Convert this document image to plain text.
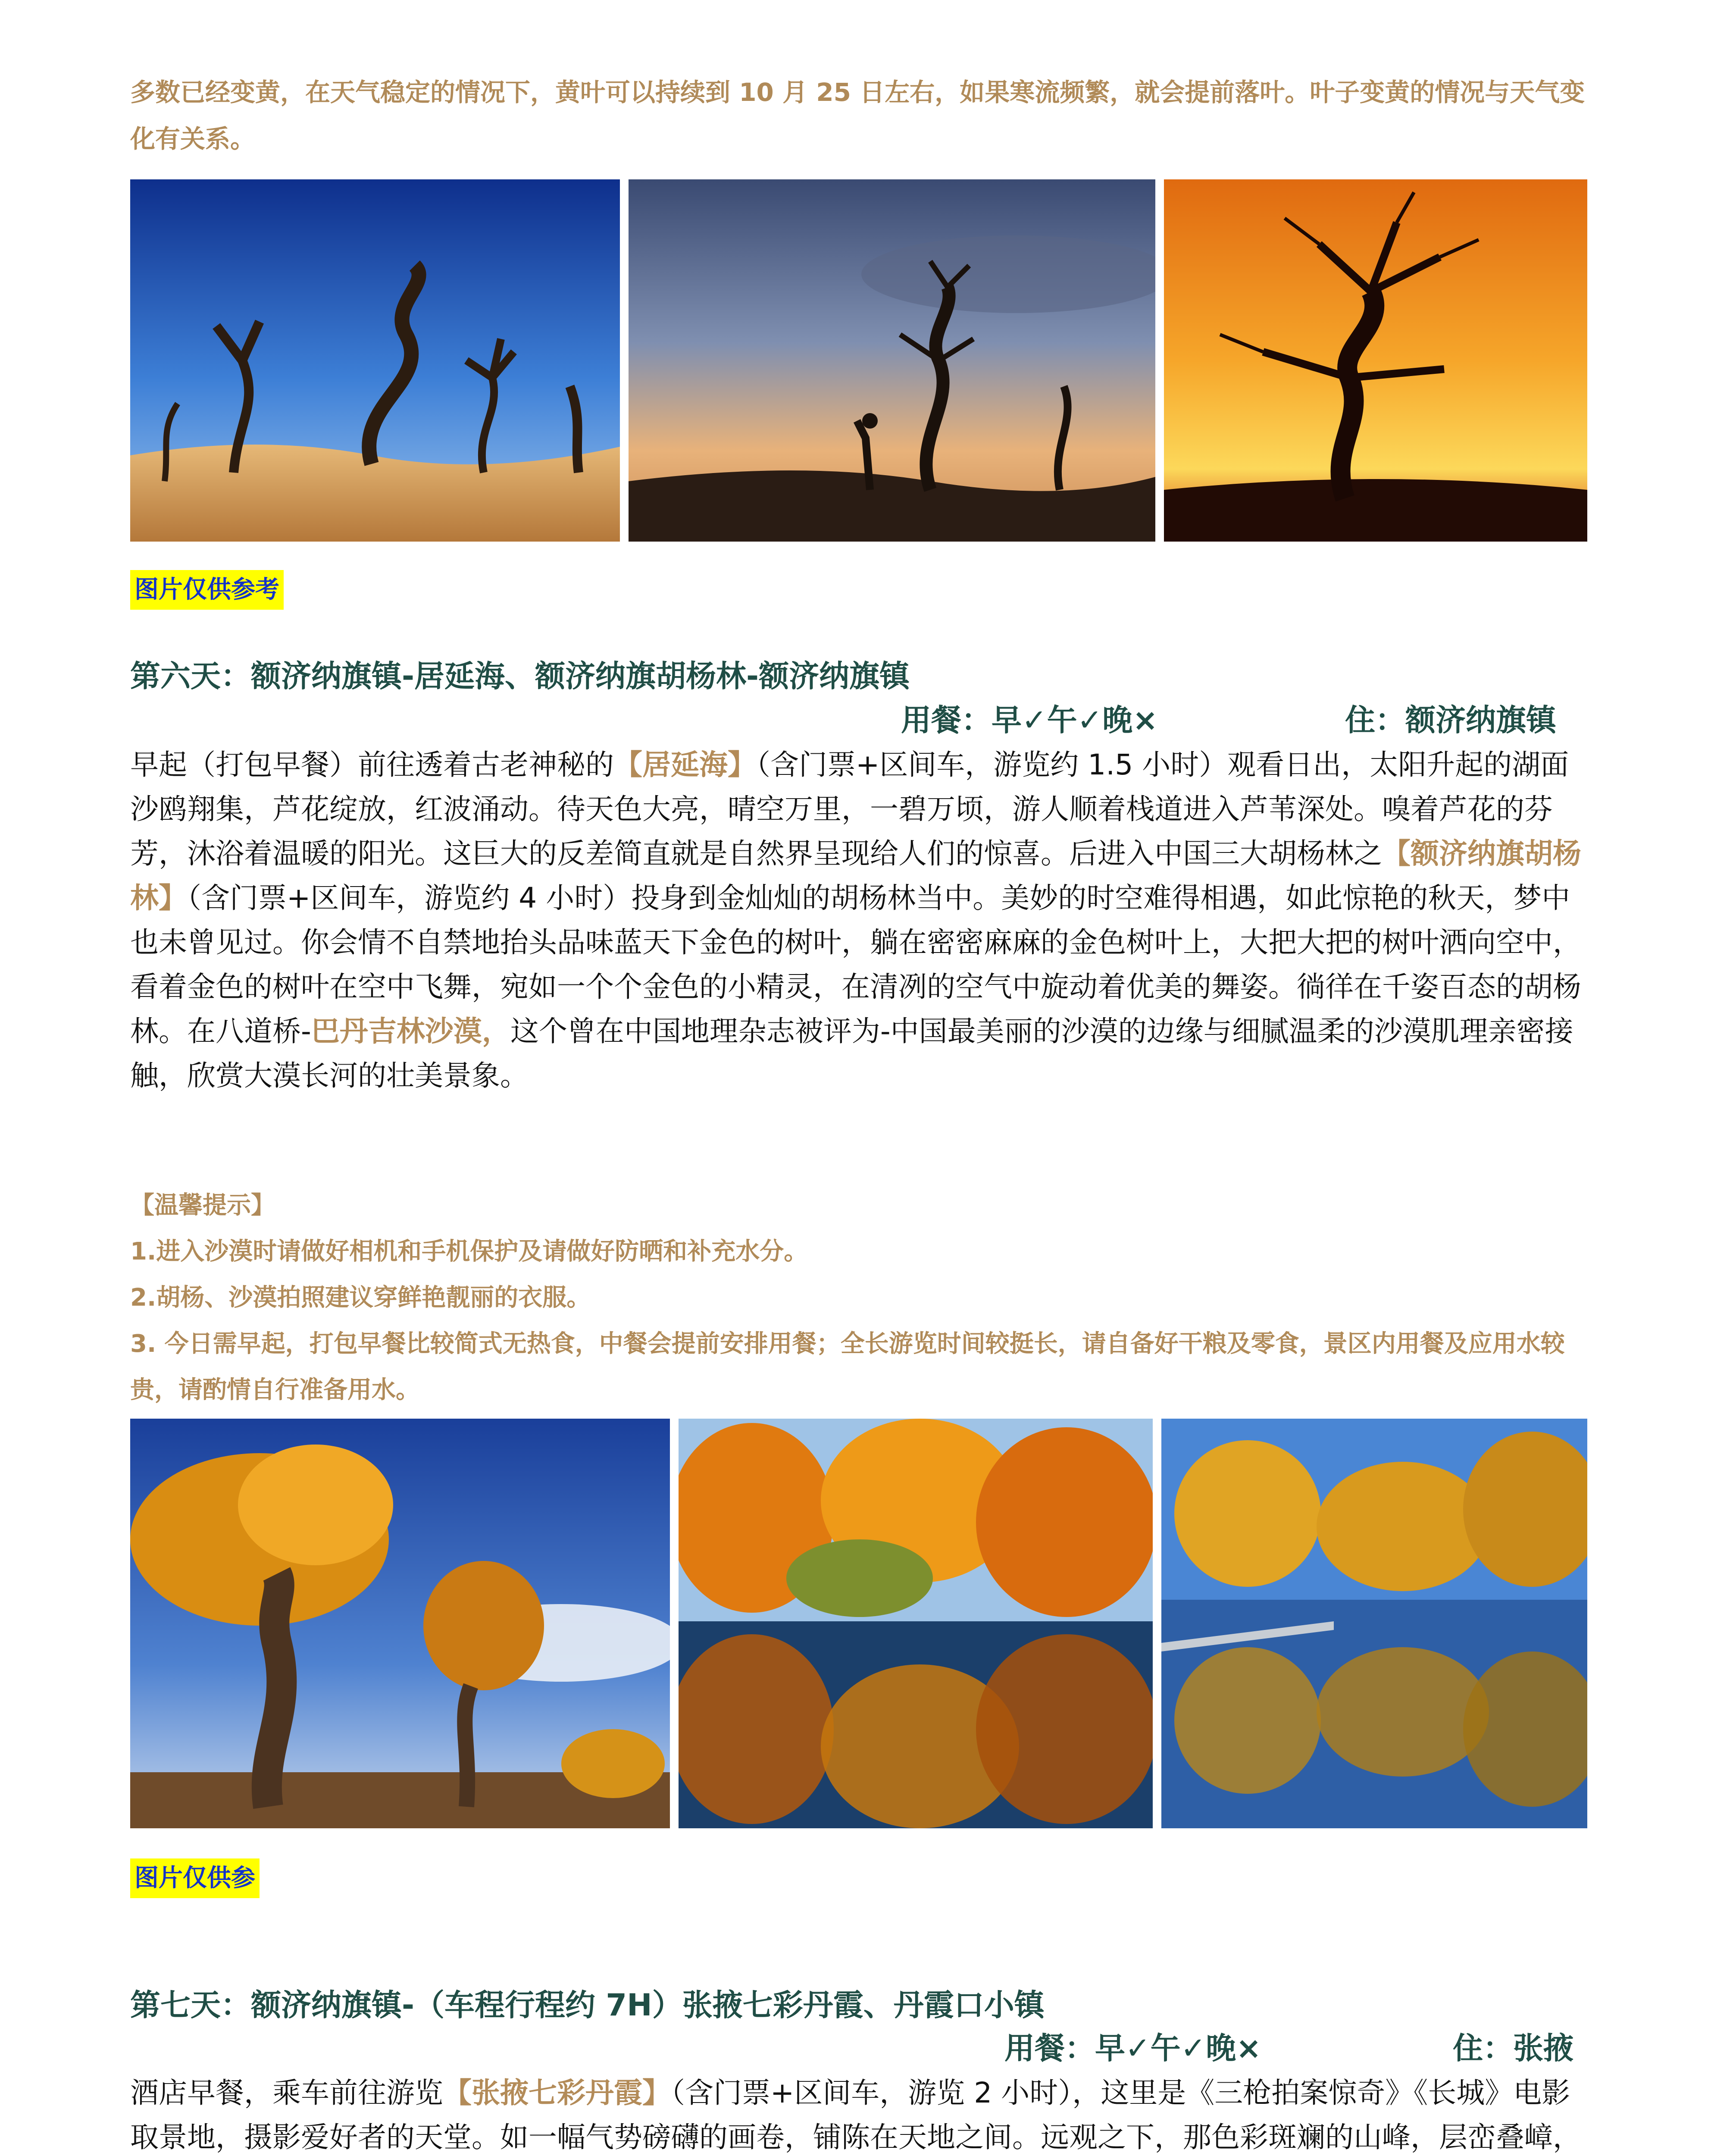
多数已经变黄，在天气稳定的情况下，黄叶可以持续到 10 月 25 日左右，如果寒流频繁，就会提前落叶。叶子变黄的情况与天气变化有关系。

图片仅供参考
第六天：额济纳旗镇-居延海、额济纳旗胡杨林-额济纳旗镇
用餐：早✓午✓晚×	住：额济纳旗镇

早起（打包早餐）前往透着古老神秘的【居延海】（含门票+区间车，游览约 1.5 小时）观看日出，太阳升起的湖面沙鸥翔集，芦花绽放，红波涌动。待天色大亮，晴空万里，一碧万顷，游人顺着栈道进入芦苇深处。嗅着芦花的芬芳，沐浴着温暖的阳光。这巨大的反差简直就是自然界呈现给人们的惊喜。后进入中国三大胡杨林之【额济纳旗胡杨林】（含门票+区间车，游览约 4 小时）投身到金灿灿的胡杨林当中。美妙的时空难得相遇，如此惊艳的秋天，梦中也未曾见过。你会情不自禁地抬头品味蓝天下金色的树叶，躺在密密麻麻的金色树叶上，大把大把的树叶洒向空中，看着金色的树叶在空中飞舞，宛如一个个金色的小精灵，在清冽的空气中旋动着优美的舞姿。徜徉在千姿百态的胡杨林。在八道桥-巴丹吉林沙漠，这个曾在中国地理杂志被评为-中国最美丽的沙漠的边缘与细腻温柔的沙漠肌理亲密接触，欣赏大漠长河的壮美景象。

【温馨提示】

1.进入沙漠时请做好相机和手机保护及请做好防晒和补充水分。

2.胡杨、沙漠拍照建议穿鲜艳靓丽的衣服。

3. 今日需早起，打包早餐比较简式无热食，中餐会提前安排用餐；全长游览时间较挺长，请自备好干粮及零食，景区内用餐及应用水较贵，请酌情自行准备用水。

图片仅供参
第七天：额济纳旗镇-（车程行程约 7H）张掖七彩丹霞、丹霞口小镇
用餐：早✓午✓晚×	住：张掖

酒店早餐，乘车前往游览【张掖七彩丹霞】（含门票+区间车，游览 2 小时），这里是《三枪拍案惊奇》《长城》电影取景地，摄影爱好者的天堂。如一幅气势磅礴的画卷，铺陈在天地之间。远观之下，那色彩斑斓的山峰，层峦叠嶂，
